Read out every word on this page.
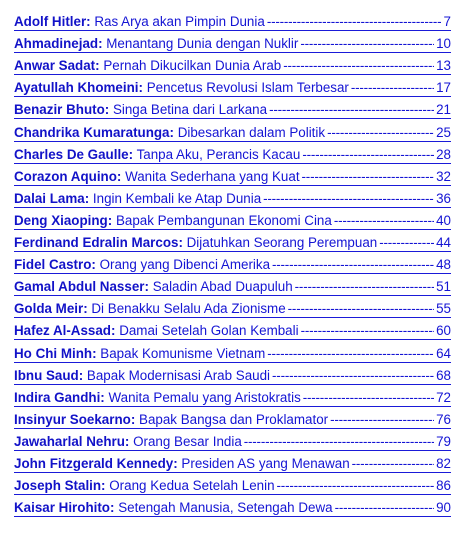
Adolf Hitler: Ras Arya akan Pimpin Dunia -----	7
Ahmadinejad: Menantang Dunia dengan Nuklir -----	10
Anwar Sadat: Pernah Dikucilkan Dunia Arab -----	13
Ayatullah Khomeini: Pencetus Revolusi Islam Terbesar -----	17
Benazir Bhuto: Singa Betina dari Larkana -----	21
Chandrika Kumaratunga: Dibesarkan dalam Politik -----	25
Charles De Gaulle: Tanpa Aku, Perancis Kacau -----	28
Corazon Aquino: Wanita Sederhana yang Kuat -----	32
Dalai Lama: Ingin Kembali ke Atap Dunia -----	36
Deng Xiaoping: Bapak Pembangunan Ekonomi Cina -----	40
Ferdinand Edralin Marcos: Dijatuhkan Seorang Perempuan -----	44
Fidel Castro: Orang yang Dibenci Amerika -----	48
Gamal Abdul Nasser: Saladin Abad Duapuluh -----	51
Golda Meir: Di Benakku Selalu Ada Zionisme -----	55
Hafez Al-Assad: Damai Setelah Golan Kembali -----	60
Ho Chi Minh: Bapak Komunisme Vietnam -----	64
Ibnu Saud: Bapak Modernisasi Arab Saudi -----	68
Indira Gandhi: Wanita Pemalu yang Aristokratis -----	72
Insinyur Soekarno: Bapak Bangsa dan Proklamator -----	76
Jawaharlal Nehru: Orang Besar India -----	79
John Fitzgerald Kennedy: Presiden AS yang Menawan -----	82
Joseph Stalin: Orang Kedua Setelah Lenin -----	86
Kaisar Hirohito: Setengah Manusia, Setengah Dewa -----	90
